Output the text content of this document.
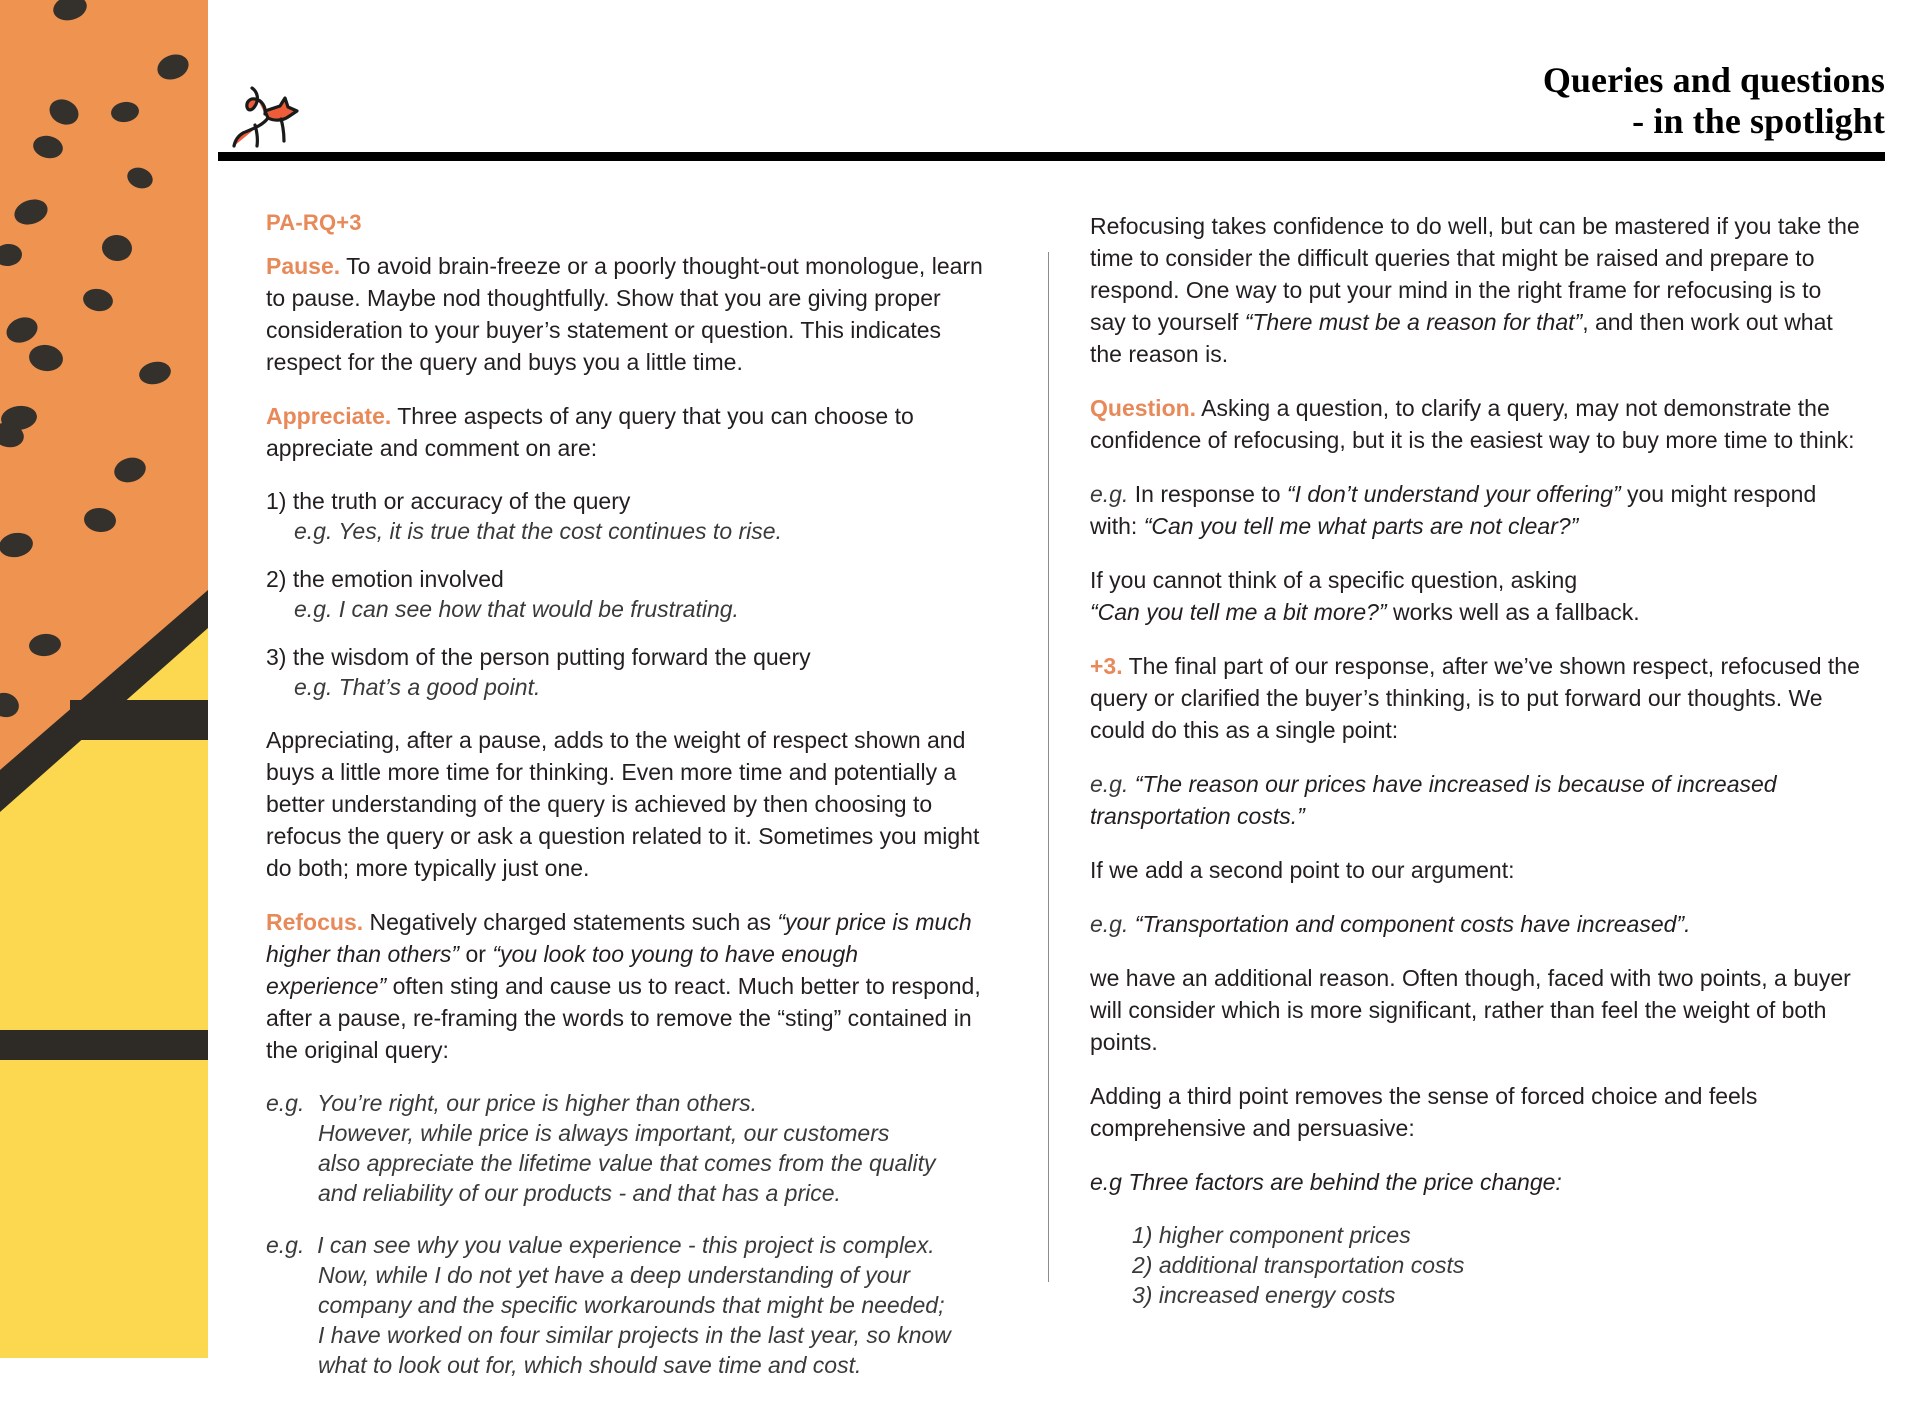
Queries and questions
- in the spotlight
PA-RQ+3

Pause. To avoid brain-freeze or a poorly thought-out monologue, learn to pause. Maybe nod thoughtfully. Show that you are giving proper consideration to your buyer’s statement or question. This indicates respect for the query and buys you a little time.

Appreciate. Three aspects of any query that you can choose to appreciate and comment on are:

1) the truth or accuracy of the query
e.g. Yes, it is true that the cost continues to rise.
2) the emotion involved
e.g. I can see how that would be frustrating.
3) the wisdom of the person putting forward the query
e.g. That’s a good point.

Appreciating, after a pause, adds to the weight of respect shown and buys a little more time for thinking. Even more time and potentially a better understanding of the query is achieved by then choosing to refocus the query or ask a question related to it. Sometimes you might do both; more typically just one.

Refocus. Negatively charged statements such as “your price is much higher than others” or “you look too young to have enough experience” often sting and cause us to react. Much better to respond, after a pause, re-framing the words to remove the “sting” contained in the original query:

e.g. You’re right, our price is higher than others.
However, while price is always important, our customers
also appreciate the lifetime value that comes from the quality
and reliability of our products - and that has a price.

e.g. I can see why you value experience - this project is complex.
Now, while I do not yet have a deep understanding of your
company and the specific workarounds that might be needed;
I have worked on four similar projects in the last year, so know
what to look out for, which should save time and cost.

Refocusing takes confidence to do well, but can be mastered if you take the time to consider the difficult queries that might be raised and prepare to respond. One way to put your mind in the right frame for refocusing is to say to yourself “There must be a reason for that”, and then work out what the reason is.

Question. Asking a question, to clarify a query, may not demonstrate the confidence of refocusing, but it is the easiest way to buy more time to think:

e.g. In response to “I don’t understand your offering” you might respond with: “Can you tell me what parts are not clear?”

If you cannot think of a specific question, asking
“Can you tell me a bit more?” works well as a fallback.

+3. The final part of our response, after we’ve shown respect, refocused the query or clarified the buyer’s thinking, is to put forward our thoughts. We could do this as a single point:

e.g. “The reason our prices have increased is because of increased transportation costs.”

If we add a second point to our argument:

e.g. “Transportation and component costs have increased”.

we have an additional reason. Often though, faced with two points, a buyer will consider which is more significant, rather than feel the weight of both points.

Adding a third point removes the sense of forced choice and feels comprehensive and persuasive:

e.g Three factors are behind the price change:

1) higher component prices
2) additional transportation costs
3) increased energy costs
